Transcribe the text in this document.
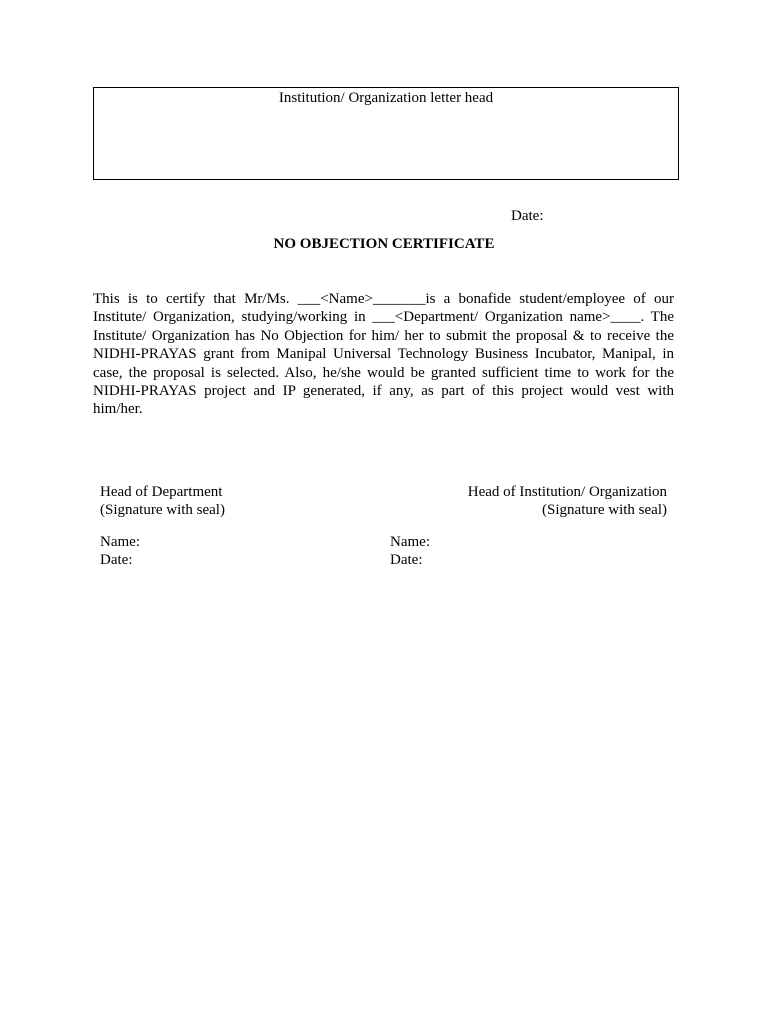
Institution/ Organization letter head
Date:
NO OBJECTION CERTIFICATE

This is to certify that Mr/Ms. ___<Name>_______is a bonafide student/employee of our Institute/ Organization, studying/working in ___<Department/ Organization name>____. The Institute/ Organization has No Objection for him/ her to submit the proposal & to receive the NIDHI-PRAYAS grant from Manipal Universal Technology Business Incubator, Manipal, in case, the proposal is selected. Also, he/she would be granted sufficient time to work for the NIDHI-PRAYAS project and IP generated, if any, as part of this project would vest with him/her.

Head of Department
(Signature with seal)
Head of Institution/ Organization
(Signature with seal)
Name:
Date:
Name:
Date:
